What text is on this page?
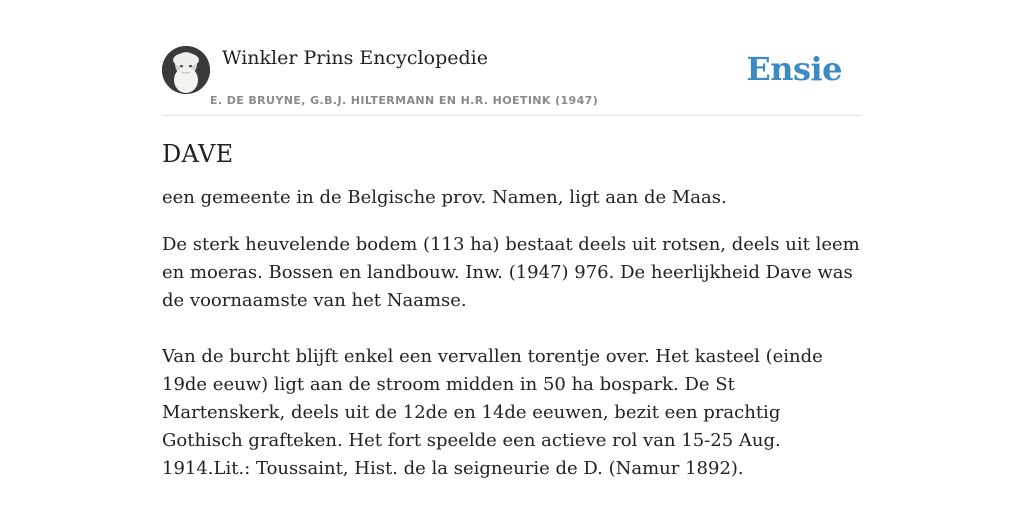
Winkler Prins Encyclopedie
E. DE BRUYNE, G.B.J. HILTERMANN EN H.R. HOETINK (1947)
Ensie
DAVE

een gemeente in de Belgische prov. Namen, ligt aan de Maas.

De sterk heuvelende bodem (113 ha) bestaat deels uit rotsen, deels uit leem en moeras. Bossen en landbouw. Inw. (1947) 976. De heerlijkheid Dave was de voornaamste van het Naamse.

Van de burcht blijft enkel een vervallen torentje over. Het kasteel (einde 19de eeuw) ligt aan de stroom midden in 50 ha bospark. De St Martenskerk, deels uit de 12de en 14de eeuwen, bezit een prachtig Gothisch grafteken. Het fort speelde een actieve rol van 15-25 Aug. 1914.Lit.: Toussaint, Hist. de la seigneurie de D. (Namur 1892).
